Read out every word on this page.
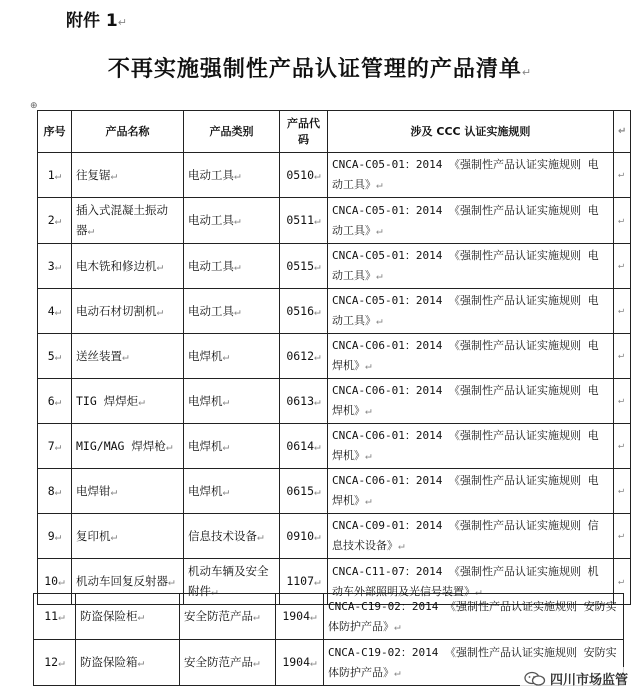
附件 1↵
不再实施强制性产品认证管理的产品清单↵
⊕
序号	产品名称	产品类别	产品代码	涉及 CCC 认证实施规则	↵
1↵	往复锯↵	电动工具↵	0510↵	CNCA-C05-01：2014 《强制性产品认证实施规则 电动工具》↵	↵
2↵	插入式混凝土振动器↵	电动工具↵	0511↵	CNCA-C05-01：2014 《强制性产品认证实施规则 电动工具》↵	↵
3↵	电木铣和修边机↵	电动工具↵	0515↵	CNCA-C05-01：2014 《强制性产品认证实施规则 电动工具》↵	↵
4↵	电动石材切割机↵	电动工具↵	0516↵	CNCA-C05-01：2014 《强制性产品认证实施规则 电动工具》↵	↵
5↵	送丝装置↵	电焊机↵	0612↵	CNCA-C06-01：2014 《强制性产品认证实施规则 电焊机》↵	↵
6↵	TIG 焊焊炬↵	电焊机↵	0613↵	CNCA-C06-01：2014 《强制性产品认证实施规则 电焊机》↵	↵
7↵	MIG/MAG 焊焊枪↵	电焊机↵	0614↵	CNCA-C06-01：2014 《强制性产品认证实施规则 电焊机》↵	↵
8↵	电焊钳↵	电焊机↵	0615↵	CNCA-C06-01：2014 《强制性产品认证实施规则 电焊机》↵	↵
9↵	复印机↵	信息技术设备↵	0910↵	CNCA-C09-01：2014 《强制性产品认证实施规则 信息技术设备》↵	↵
10↵	机动车回复反射器↵	机动车辆及安全附件↵	1107↵	CNCA-C11-07：2014 《强制性产品认证实施规则 机动车外部照明及光信号装置》↵	↵
11↵	防盗保险柜↵	安全防范产品↵	1904↵	CNCA-C19-02：2014 《强制性产品认证实施规则 安防实体防护产品》↵
12↵	防盗保险箱↵	安全防范产品↵	1904↵	CNCA-C19-02：2014 《强制性产品认证实施规则 安防实体防护产品》↵
四川市场监管
